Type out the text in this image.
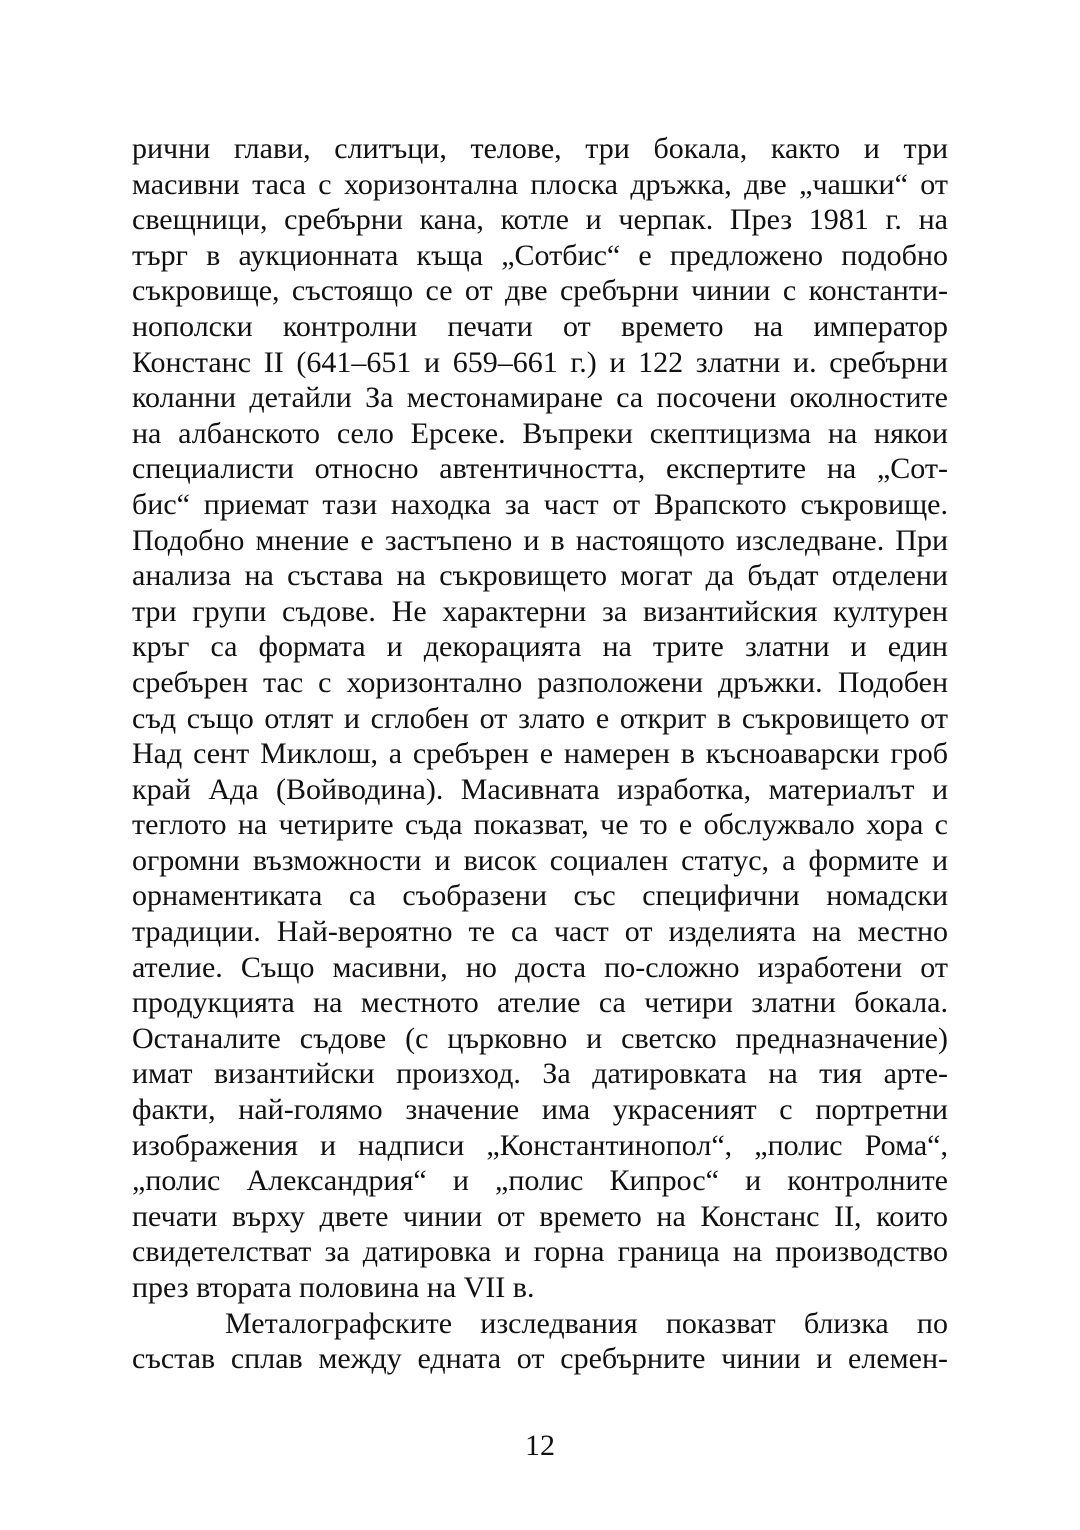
рични глави, слитъци, телове, три бокала, както и три
масивни таса с хоризонтална плоска дръжка, две „чашки“ от
свещници, сребърни кана, котле и черпак. През 1981 г. на
търг в аукционната къща „Сотбис“ е предложено подобно
съкровище, състоящо се от две сребърни чинии с константи-
нополски контролни печати от времето на император
Констанс II (641–651 и 659–661 г.) и 122 златни и. сребърни
коланни детайли За местонамиране са посочени околностите
на албанското село Ерсеке. Въпреки скептицизма на някои
специалисти относно автентичността, експертите на „Сот-
бис“ приемат тази находка за част от Врапското съкровище.
Подобно мнение е застъпено и в настоящото изследване. При
анализа на състава на съкровището могат да бъдат отделени
три групи съдове. Не характерни за византийския културен
кръг са формата и декорацията на трите златни и един
сребърен тас с хоризонтално разположени дръжки. Подобен
съд също отлят и сглобен от злато е открит в съкровището от
Над сент Миклош, а сребърен е намерен в късноаварски гроб
край Ада (Войводина). Масивната изработка, материалът и
теглото на четирите съда показват, че то е обслужвало хора с
огромни възможности и висок социален статус, а формите и
орнаментиката са съобразени със специфични номадски
традиции. Най-вероятно те са част от изделията на местно
ателие. Също масивни, но доста по-сложно изработени от
продукцията на местното ателие са четири златни бокала.
Останалите съдове (с църковно и светско предназначение)
имат византийски произход. За датировката на тия арте-
факти, най-голямо значение има украсеният с портретни
изображения и надписи „Константинопол“, „полис Рома“,
„полис Александрия“ и „полис Кипрос“ и контролните
печати върху двете чинии от времето на Констанс II, които
свидетелстват за датировка и горна граница на производство
през втората половина на VII в.
Металографските изследвания показват близка по
състав сплав между едната от сребърните чинии и елемен-
12
